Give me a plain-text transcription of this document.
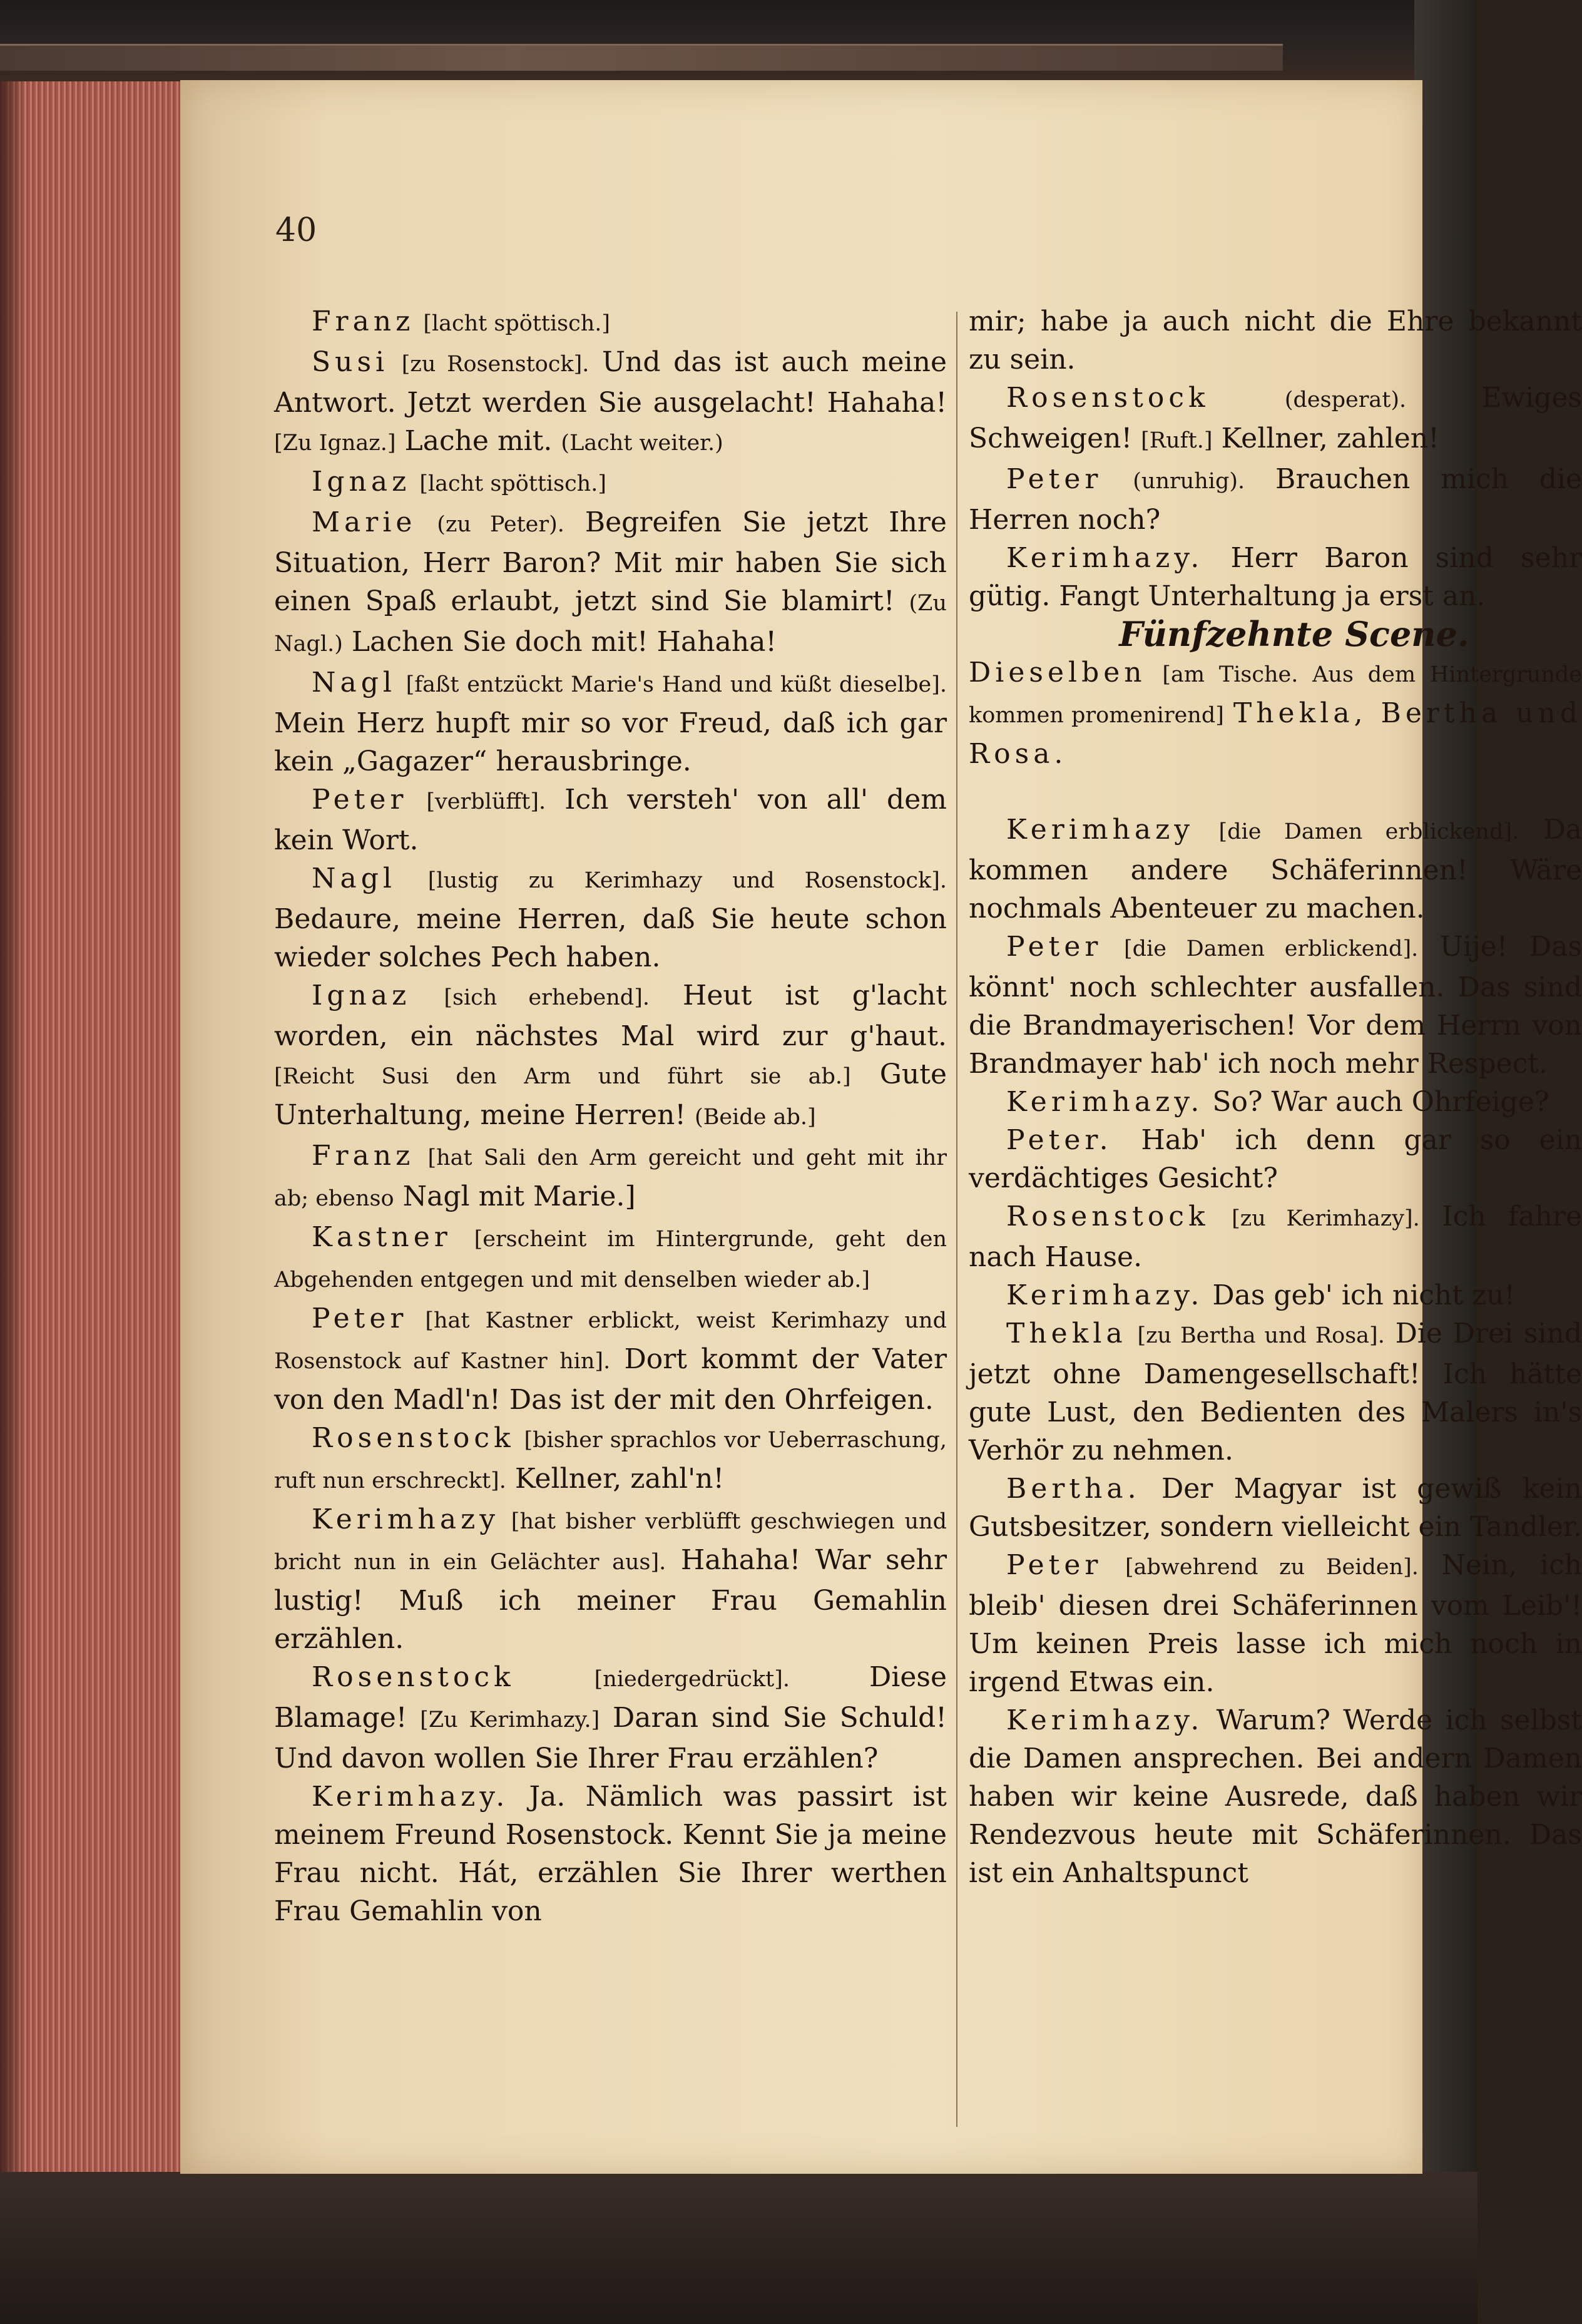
40

Franz [lacht spöttisch.]

Susi [zu Rosenstock]. Und das ist auch meine Antwort. Jetzt werden Sie ausgelacht! Hahaha! [Zu Ignaz.] Lache mit. (Lacht weiter.)

Ignaz [lacht spöttisch.]

Marie (zu Peter). Begreifen Sie jetzt Ihre Situation, Herr Baron? Mit mir haben Sie sich einen Spaß erlaubt, jetzt sind Sie blamirt! (Zu Nagl.) Lachen Sie doch mit! Hahaha!

Nagl [faßt entzückt Marie's Hand und küßt dieselbe]. Mein Herz hupft mir so vor Freud, daß ich gar kein „Gagazer“ herausbringe.

Peter [verblüfft]. Ich versteh' von all' dem kein Wort.

Nagl [lustig zu Kerimhazy und Rosenstock]. Bedaure, meine Herren, daß Sie heute schon wieder solches Pech haben.

Ignaz [sich erhebend]. Heut ist g'lacht worden, ein nächstes Mal wird zur g'haut. [Reicht Susi den Arm und führt sie ab.] Gute Unterhaltung, meine Herren! (Beide ab.]

Franz [hat Sali den Arm gereicht und geht mit ihr ab; ebenso Nagl mit Marie.]

Kastner [erscheint im Hintergrunde, geht den Abgehenden entgegen und mit denselben wieder ab.]

Peter [hat Kastner erblickt, weist Kerimhazy und Rosenstock auf Kastner hin]. Dort kommt der Vater von den Madl'n! Das ist der mit den Ohrfeigen.

Rosenstock [bisher sprachlos vor Ueberraschung, ruft nun erschreckt]. Kellner, zahl'n!

Kerimhazy [hat bisher verblüfft geschwiegen und bricht nun in ein Gelächter aus]. Hahaha! War sehr lustig! Muß ich meiner Frau Gemahlin erzählen.

Rosenstock	[niedergedrückt].	Diese Blamage! [Zu Kerimhazy.] Daran sind Sie Schuld! Und davon wollen Sie Ihrer Frau erzählen?

Kerimhazy. Ja. Nämlich was passirt ist meinem Freund Rosenstock. Kennt Sie ja meine Frau nicht. Hát, erzählen Sie Ihrer werthen Frau Gemahlin von

mir; habe ja auch nicht die Ehre bekannt zu sein.

Rosenstock	(desperat).	Ewiges Schweigen! [Ruft.] Kellner, zahlen!

Peter (unruhig). Brauchen mich die Herren noch?

Kerimhazy. Herr Baron sind sehr gütig. Fangt Unterhaltung ja erst an.

Fünfzehnte Scene.

Dieselben [am Tische. Aus dem Hintergrunde kommen promenirend] Thekla, Bertha und Rosa.

Kerimhazy [die Damen erblickend]. Da kommen andere Schäferinnen! Wäre nochmals Abenteuer zu machen.

Peter [die Damen erblickend]. Uije! Das könnt' noch schlechter ausfallen. Das sind die Brandmayerischen! Vor dem Herrn von Brandmayer hab' ich noch mehr Respect.

Kerimhazy. So? War auch Ohrfeige?

Peter. Hab' ich denn gar so ein verdächtiges Gesicht?

Rosenstock [zu Kerimhazy]. Ich fahre nach Hause.

Kerimhazy. Das geb' ich nicht zu!

Thekla [zu Bertha und Rosa]. Die Drei sind jetzt ohne Damengesellschaft! Ich hätte gute Lust, den Bedienten des Malers in's Verhör zu nehmen.

Bertha. Der Magyar ist gewiß kein Gutsbesitzer, sondern vielleicht ein Tandler.

Peter [abwehrend zu Beiden]. Nein, ich bleib' diesen drei Schäferinnen vom Leib'! Um keinen Preis lasse ich mich noch in irgend Etwas ein.

Kerimhazy. Warum? Werde ich selbst die Damen ansprechen. Bei andern Damen haben wir keine Ausrede, daß haben wir Rendezvous heute mit Schäferinnen. Das ist ein Anhaltspunct
